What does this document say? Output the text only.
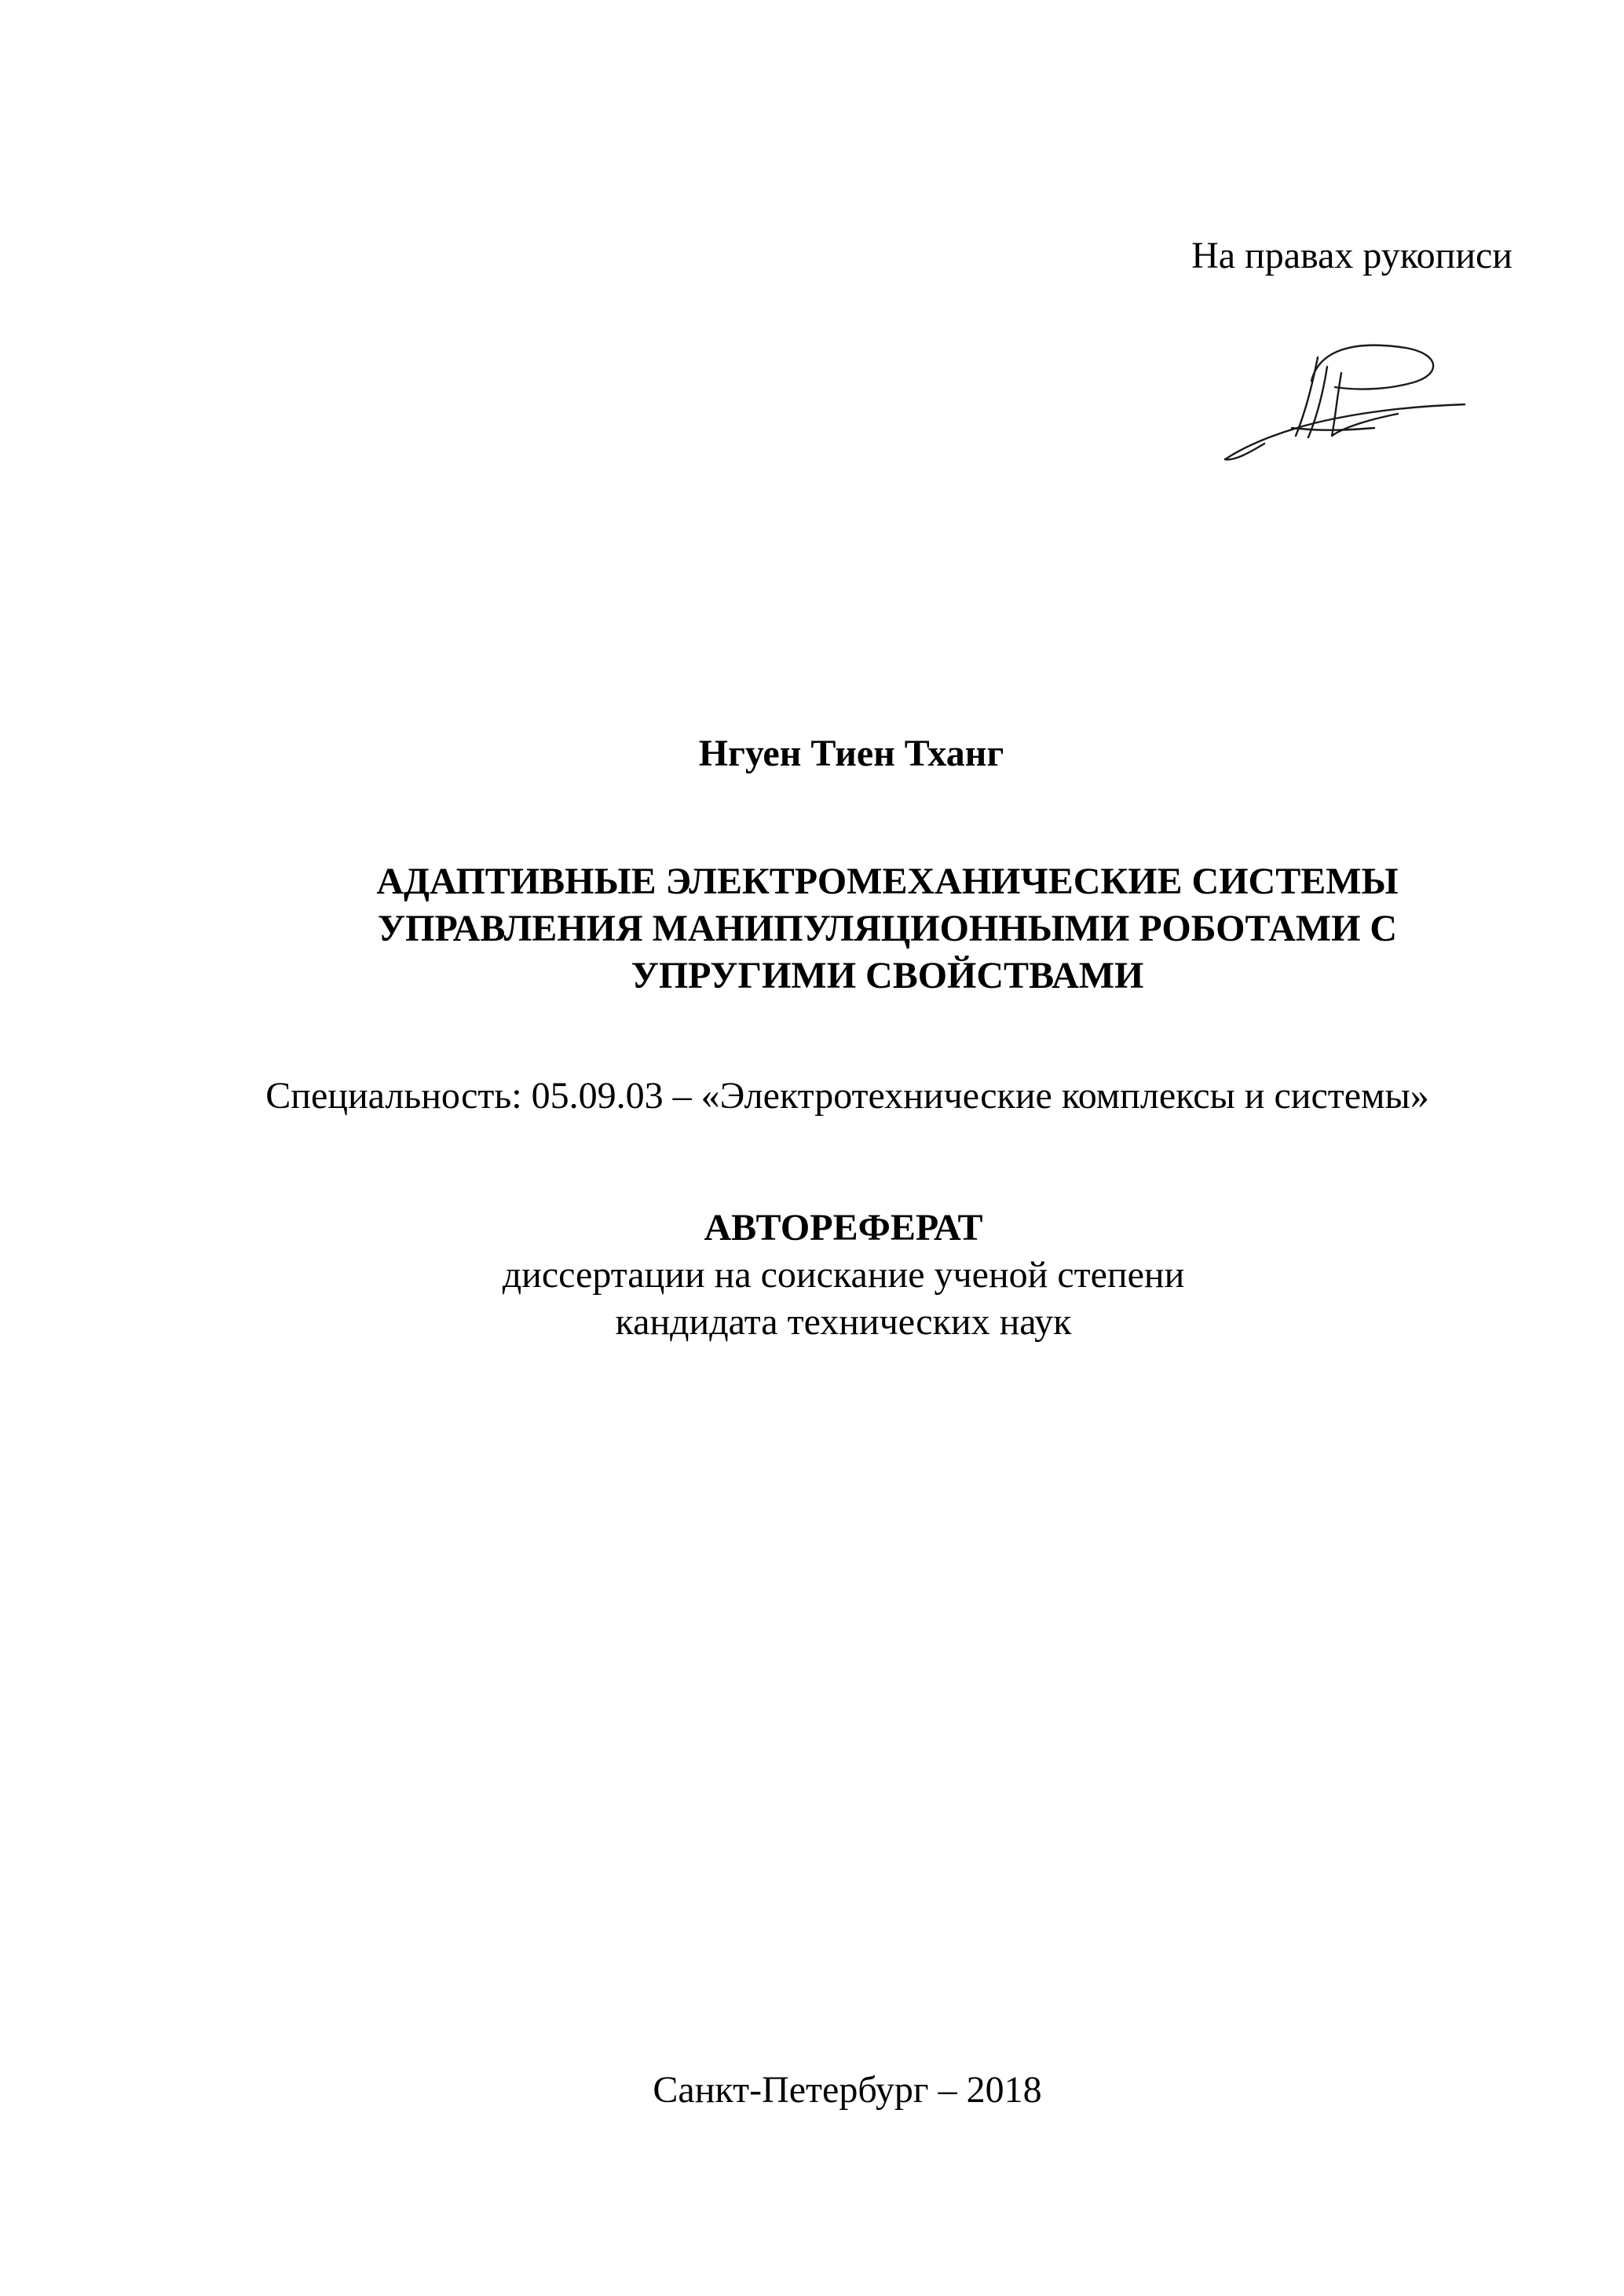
На правах рукописи
Нгуен Тиен Тханг
АДАПТИВНЫЕ ЭЛЕКТРОМЕХАНИЧЕСКИЕ СИСТЕМЫ
УПРАВЛЕНИЯ МАНИПУЛЯЦИОННЫМИ РОБОТАМИ С
УПРУГИМИ СВОЙСТВАМИ
Специальность: 05.09.03 – «Электротехнические комплексы и системы»
АВТОРЕФЕРАТ
диссертации на соискание ученой степени
кандидата технических наук
Санкт-Петербург – 2018
